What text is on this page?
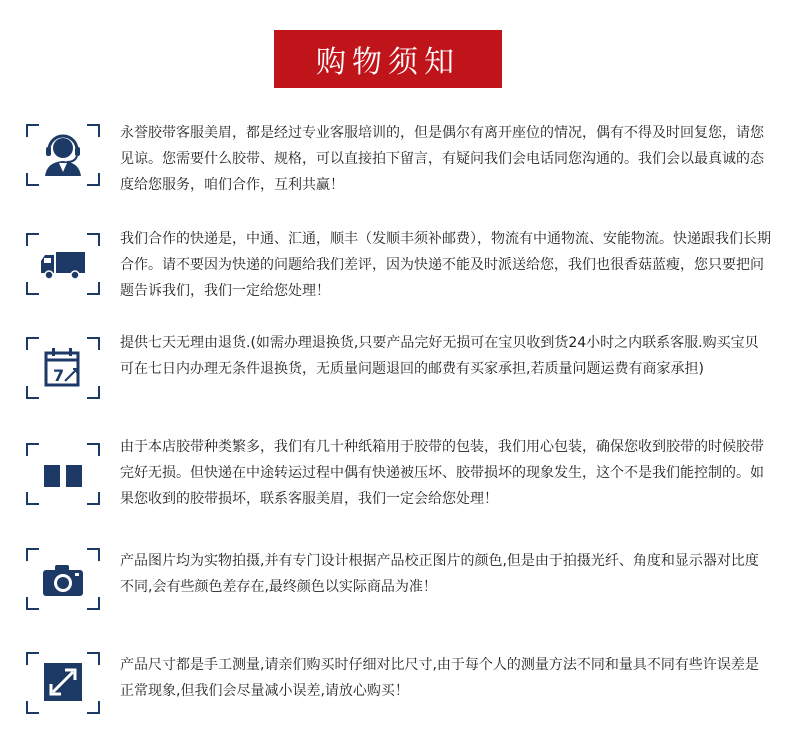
购物须知
永誉胶带客服美眉，都是经过专业客服培训的，但是偶尔有离开座位的情况，偶有不得及时回复您，请您见谅。您需要什么胶带、规格，可以直接拍下留言，有疑问我们会电话同您沟通的。我们会以最真诚的态度给您服务，咱们合作，互利共赢！
我们合作的快递是，中通、汇通，顺丰（发顺丰须补邮费），物流有中通物流、安能物流。快递跟我们长期合作。请不要因为快递的问题给我们差评，因为快递不能及时派送给您，我们也很香菇蓝瘦，您只要把问题告诉我们，我们一定给您处理！
7
提供七天无理由退货.(如需办理退换货,只要产品完好无损可在宝贝收到货24小时之内联系客服.购买宝贝可在七日内办理无条件退换货，无质量问题退回的邮费有买家承担,若质量问题运费有商家承担)
由于本店胶带种类繁多，我们有几十种纸箱用于胶带的包装，我们用心包装，确保您收到胶带的时候胶带完好无损。但快递在中途转运过程中偶有快递被压坏、胶带损坏的现象发生，这个不是我们能控制的。如果您收到的胶带损坏，联系客服美眉，我们一定会给您处理！
产品图片均为实物拍摄,并有专门设计根据产品校正图片的颜色,但是由于拍摄光纤、角度和显示器对比度不同,会有些颜色差存在,最终颜色以实际商品为准！
产品尺寸都是手工测量,请亲们购买时仔细对比尺寸,由于每个人的测量方法不同和量具不同有些许误差是正常现象,但我们会尽量减小误差,请放心购买！
